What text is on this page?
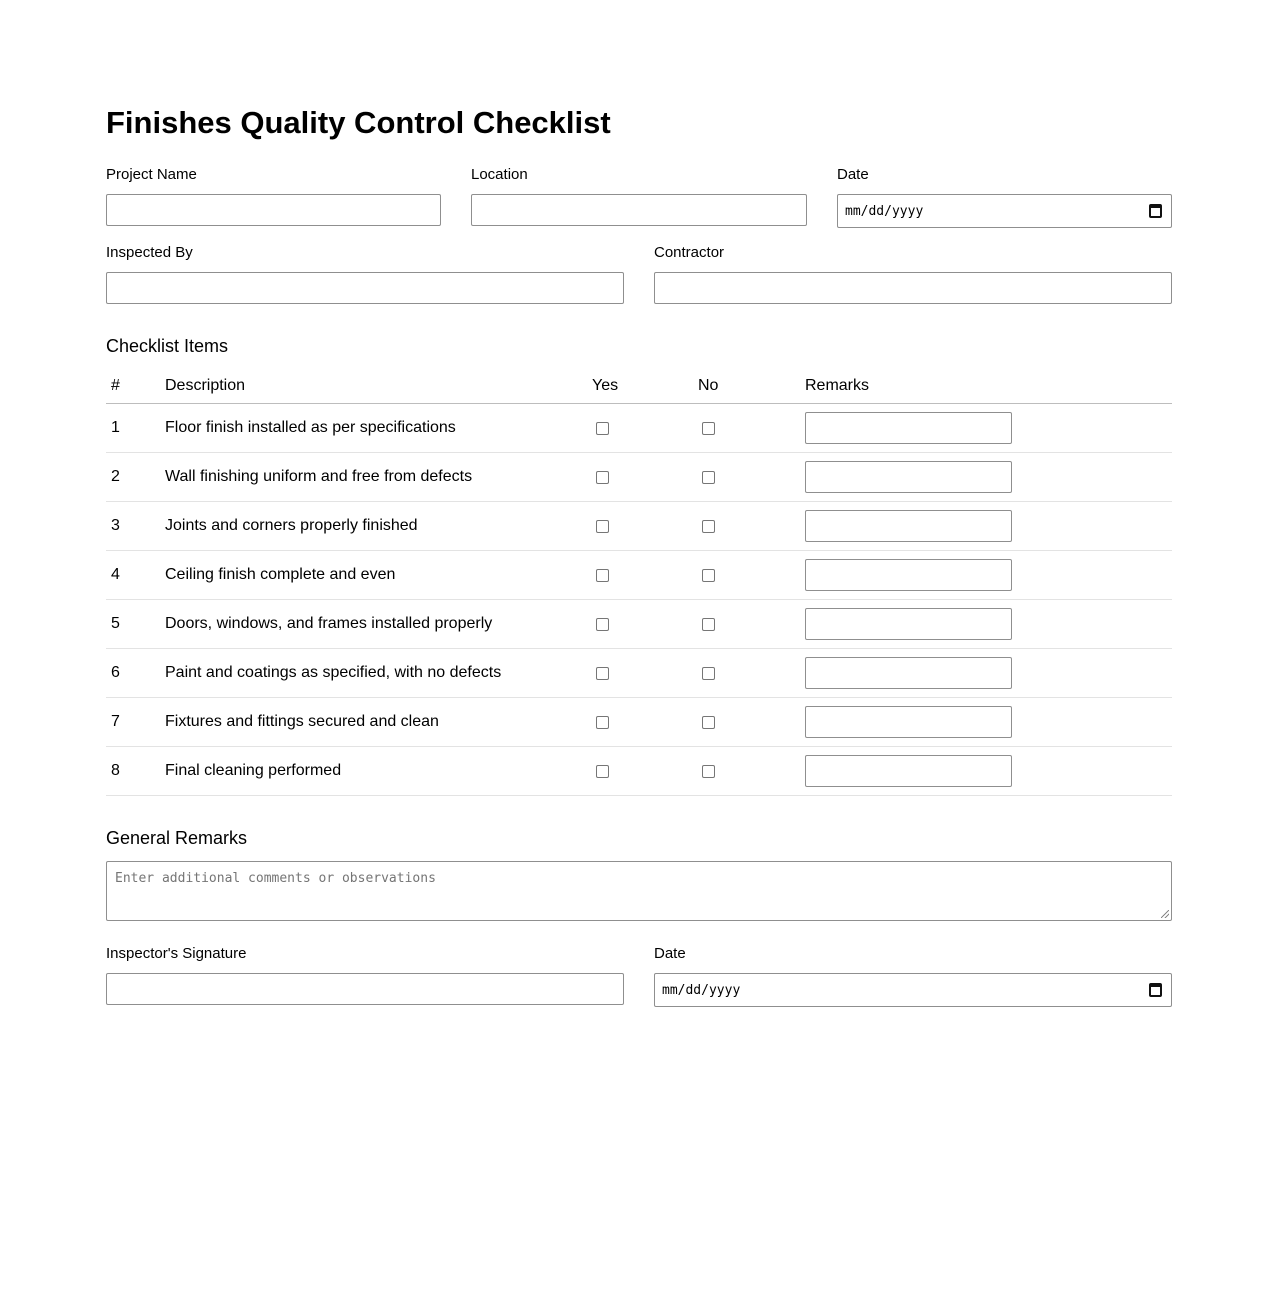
Finishes Quality Control Checklist
Project Name	Location	Date
mm/dd/yyyy
Inspected By	Contractor
Checklist Items
#	Description	Yes	No	Remarks
1	Floor finish installed as per specifications
2	Wall finishing uniform and free from defects
3	Joints and corners properly finished
4	Ceiling finish complete and even
5	Doors, windows, and frames installed properly
6	Paint and coatings as specified, with no defects
7	Fixtures and fittings secured and clean
8	Final cleaning performed
General Remarks
Enter additional comments or observations
Inspector's Signature	Date
mm/dd/yyyy
